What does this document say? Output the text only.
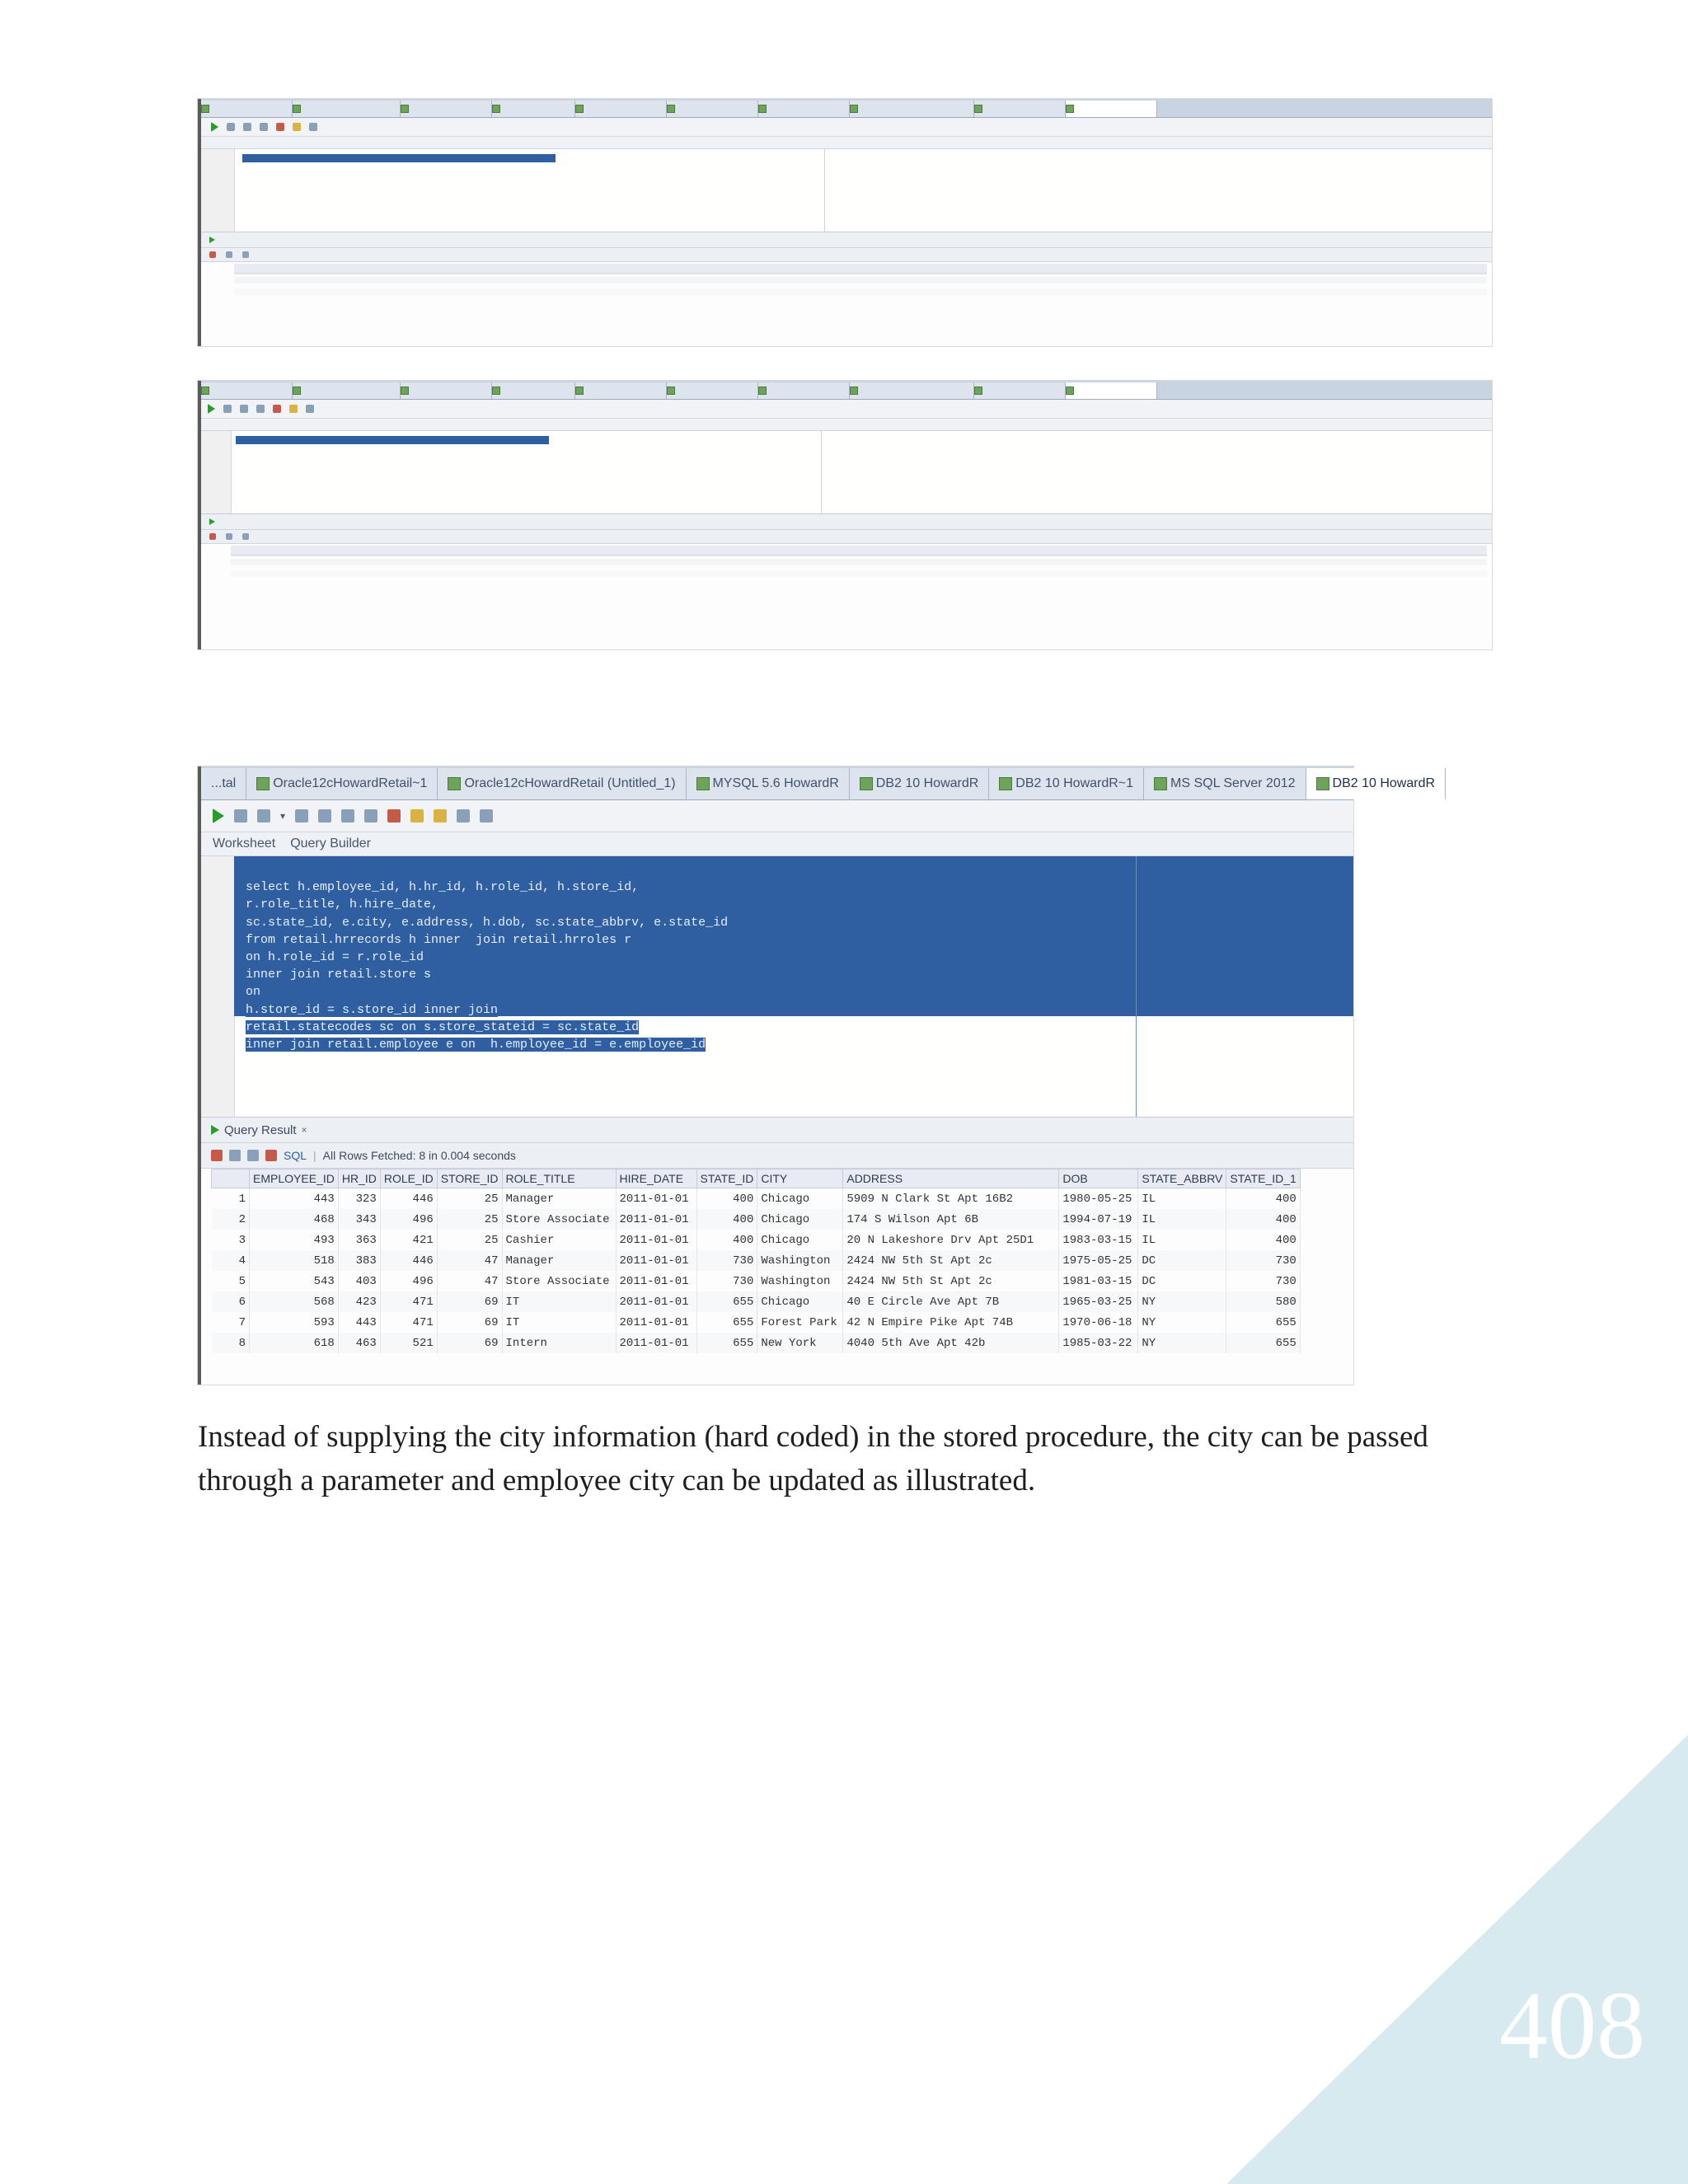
...tal	Oracle12cHowardRetail~1	Oracle12cHowardRetail (Untitled_1)	MYSQL 5.6 HowardR	DB2 10 HowardR	DB2 10 HowardR~1	MS SQL Server 2012	DB2 10 HowardR
▾
Worksheet Query Builder

select h.employee_id, h.hr_id, h.role_id, h.store_id,
r.role_title, h.hire_date,
sc.state_id, e.city, e.address, h.dob, sc.state_abbrv, e.state_id
from retail.hrrecords h inner  join retail.hrroles r
on h.role_id = r.role_id
inner join retail.store s
on
h.store_id = s.store_id inner join
retail.statecodes sc on s.store_stateid = sc.state_id
inner join retail.employee e on  h.employee_id = e.employee_id
Query Result ×
SQL | All Rows Fetched: 8 in 0.004 seconds
	EMPLOYEE_ID	HR_ID	ROLE_ID	STORE_ID	ROLE_TITLE	HIRE_DATE	STATE_ID	CITY	ADDRESS	DOB	STATE_ABBRV	STATE_ID_1
1	443	323	446	25	Manager	2011-01-01	400	Chicago	5909 N Clark St Apt 16B2	1980-05-25	IL	400
2	468	343	496	25	Store Associate	2011-01-01	400	Chicago	174 S Wilson Apt 6B	1994-07-19	IL	400
3	493	363	421	25	Cashier	2011-01-01	400	Chicago	20 N Lakeshore Drv Apt 25D1	1983-03-15	IL	400
4	518	383	446	47	Manager	2011-01-01	730	Washington	2424 NW 5th St Apt 2c	1975-05-25	DC	730
5	543	403	496	47	Store Associate	2011-01-01	730	Washington	2424 NW 5th St Apt 2c	1981-03-15	DC	730
6	568	423	471	69	IT	2011-01-01	655	Chicago	40 E Circle Ave Apt 7B	1965-03-25	NY	580
7	593	443	471	69	IT	2011-01-01	655	Forest Park	42 N Empire Pike Apt 74B	1970-06-18	NY	655
8	618	463	521	69	Intern	2011-01-01	655	New York	4040 5th Ave Apt 42b	1985-03-22	NY	655
Instead of supplying the city information (hard coded) in the stored procedure, the city can be passed through a parameter and employee city can be updated as illustrated.
408
